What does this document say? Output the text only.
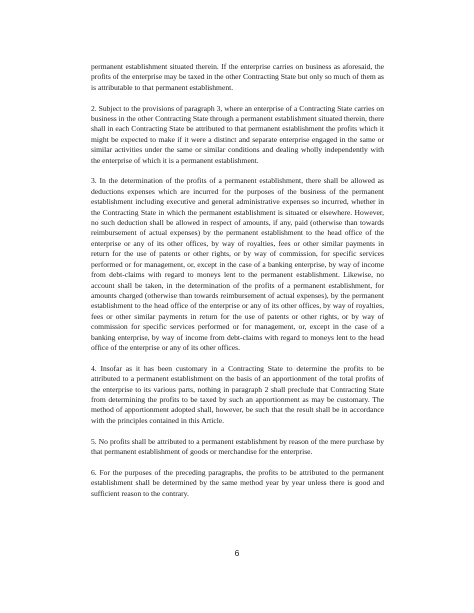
permanent establishment situated therein. If the enterprise carries on business as aforesaid, the profits of the enterprise may be taxed in the other Contracting State but only so much of them as is attributable to that permanent establishment.

2. Subject to the provisions of paragraph 3, where an enterprise of a Contracting State carries on business in the other Contracting State through a permanent establishment situated therein, there shall in each Contracting State be attributed to that permanent establishment the profits which it might be expected to make if it were a distinct and separate enterprise engaged in the same or similar activities under the same or similar conditions and dealing wholly independently with the enterprise of which it is a permanent establishment.

3. In the determination of the profits of a permanent establishment, there shall be allowed as deductions expenses which are incurred for the purposes of the business of the permanent establishment including executive and general administrative expenses so incurred, whether in the Contracting State in which the permanent establishment is situated or elsewhere. However, no such deduction shall be allowed in respect of amounts, if any, paid (otherwise than towards reimbursement of actual expenses) by the permanent establishment to the head office of the enterprise or any of its other offices, by way of royalties, fees or other similar payments in return for the use of patents or other rights, or by way of commission, for specific services performed or for management, or, except in the case of a banking enterprise, by way of income from debt-claims with regard to moneys lent to the permanent establishment. Likewise, no account shall be taken, in the determination of the profits of a permanent establishment, for amounts charged (otherwise than towards reimbursement of actual expenses), by the permanent establishment to the head office of the enterprise or any of its other offices, by way of royalties, fees or other similar payments in return for the use of patents or other rights, or by way of commission for specific services performed or for management, or, except in the case of a banking enterprise, by way of income from debt-claims with regard to moneys lent to the head office of the enterprise or any of its other offices.

4. Insofar as it has been customary in a Contracting State to determine the profits to be attributed to a permanent establishment on the basis of an apportionment of the total profits of the enterprise to its various parts, nothing in paragraph 2 shall preclude that Contracting State from determining the profits to be taxed by such an apportionment as may be customary. The method of apportionment adopted shall, however, be such that the result shall be in accordance with the principles contained in this Article.

5. No profits shall be attributed to a permanent establishment by reason of the mere purchase by that permanent establishment of goods or merchandise for the enterprise.

6. For the purposes of the preceding paragraphs, the profits to be attributed to the permanent establishment shall be determined by the same method year by year unless there is good and sufficient reason to the contrary.

6
